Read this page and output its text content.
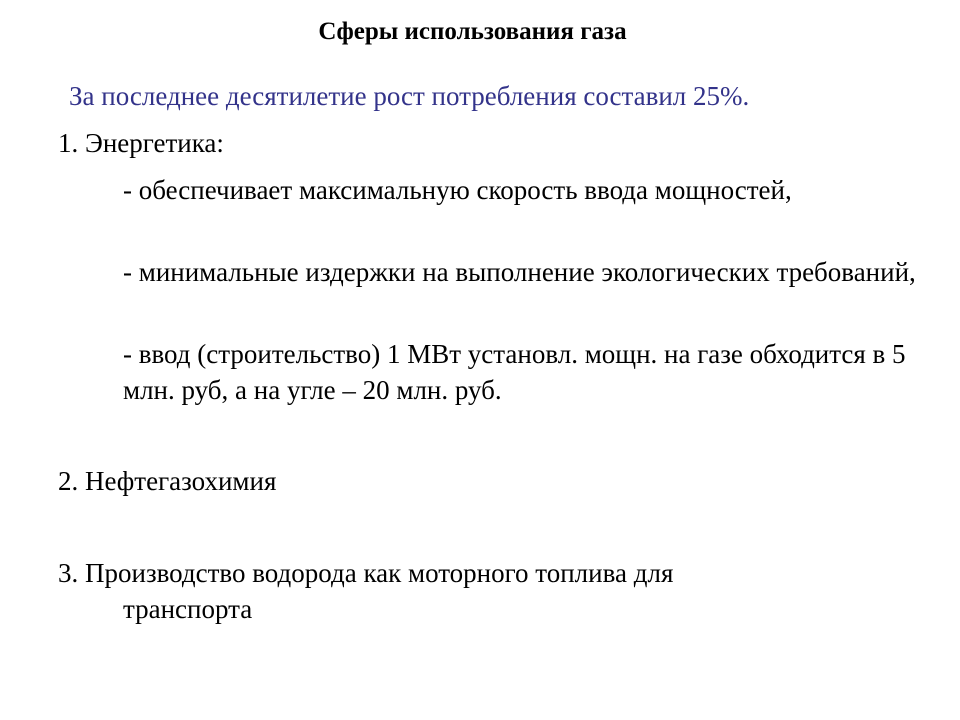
Сферы использования газа
За последнее десятилетие рост потребления составил 25%.
1. Энергетика:
- обеспечивает максимальную скорость ввода мощностей,
- минимальные издержки на выполнение экологических требований,
- ввод (строительство) 1 МВт установл. мощн. на газе обходится в 5 млн. руб, а на угле – 20 млн. руб.
2. Нефтегазохимия
3. Производство водорода как моторного топлива для
транспорта
